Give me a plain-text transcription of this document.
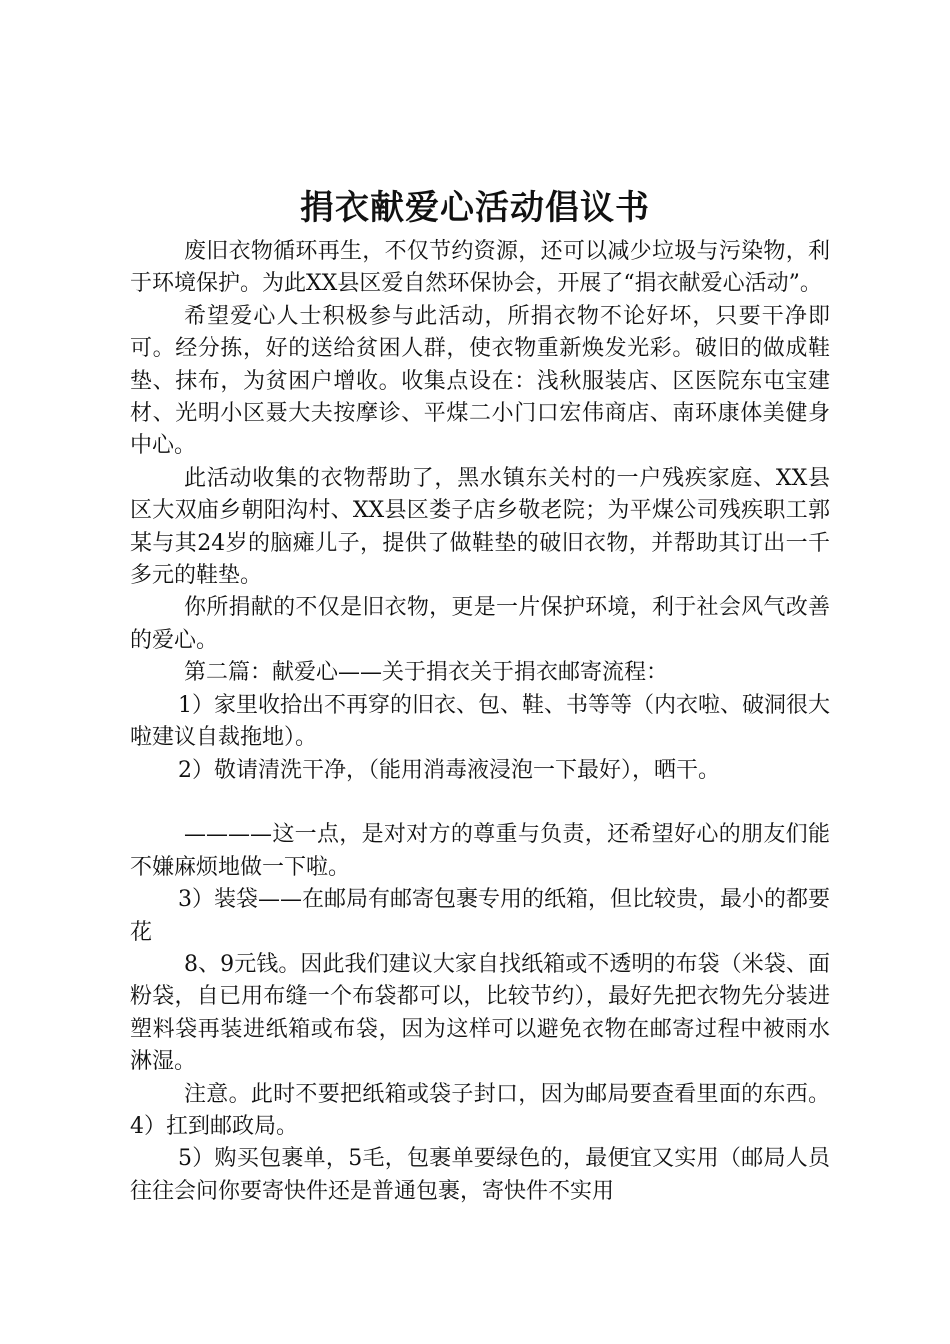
捐衣献爱心活动倡议书

废旧衣物循环再生，不仅节约资源，还可以减少垃圾与污染物，利于环境保护。为此XX县区爱自然环保协会，开展了“捐衣献爱心活动”。

希望爱心人士积极参与此活动，所捐衣物不论好坏，只要干净即可。经分拣，好的送给贫困人群，使衣物重新焕发光彩。破旧的做成鞋垫、抹布，为贫困户增收。收集点设在：浅秋服装店、区医院东屯宝建材、光明小区聂大夫按摩诊、平煤二小门口宏伟商店、南环康体美健身中心。

此活动收集的衣物帮助了，黑水镇东关村的一户残疾家庭、XX县区大双庙乡朝阳沟村、XX县区娄子店乡敬老院；为平煤公司残疾职工郭某与其24岁的脑瘫儿子，提供了做鞋垫的破旧衣物，并帮助其订出一千多元的鞋垫。

你所捐献的不仅是旧衣物，更是一片保护环境，利于社会风气改善的爱心。

第二篇：献爱心——关于捐衣关于捐衣邮寄流程：

1）家里收拾出不再穿的旧衣、包、鞋、书等等（内衣啦、破洞很大啦建议自裁拖地）。

2）敬请清洗干净，（能用消毒液浸泡一下最好），晒干。

————这一点，是对对方的尊重与负责，还希望好心的朋友们能不嫌麻烦地做一下啦。

3）装袋——在邮局有邮寄包裹专用的纸箱，但比较贵，最小的都要花

8、9元钱。因此我们建议大家自找纸箱或不透明的布袋（米袋、面粉袋，自已用布缝一个布袋都可以，比较节约），最好先把衣物先分装进塑料袋再装进纸箱或布袋，因为这样可以避免衣物在邮寄过程中被雨水淋湿。

注意。此时不要把纸箱或袋子封口，因为邮局要查看里面的东西。4）扛到邮政局。

5）购买包裹单，5毛，包裹单要绿色的，最便宜又实用（邮局人员往往会问你要寄快件还是普通包裹，寄快件不实用
